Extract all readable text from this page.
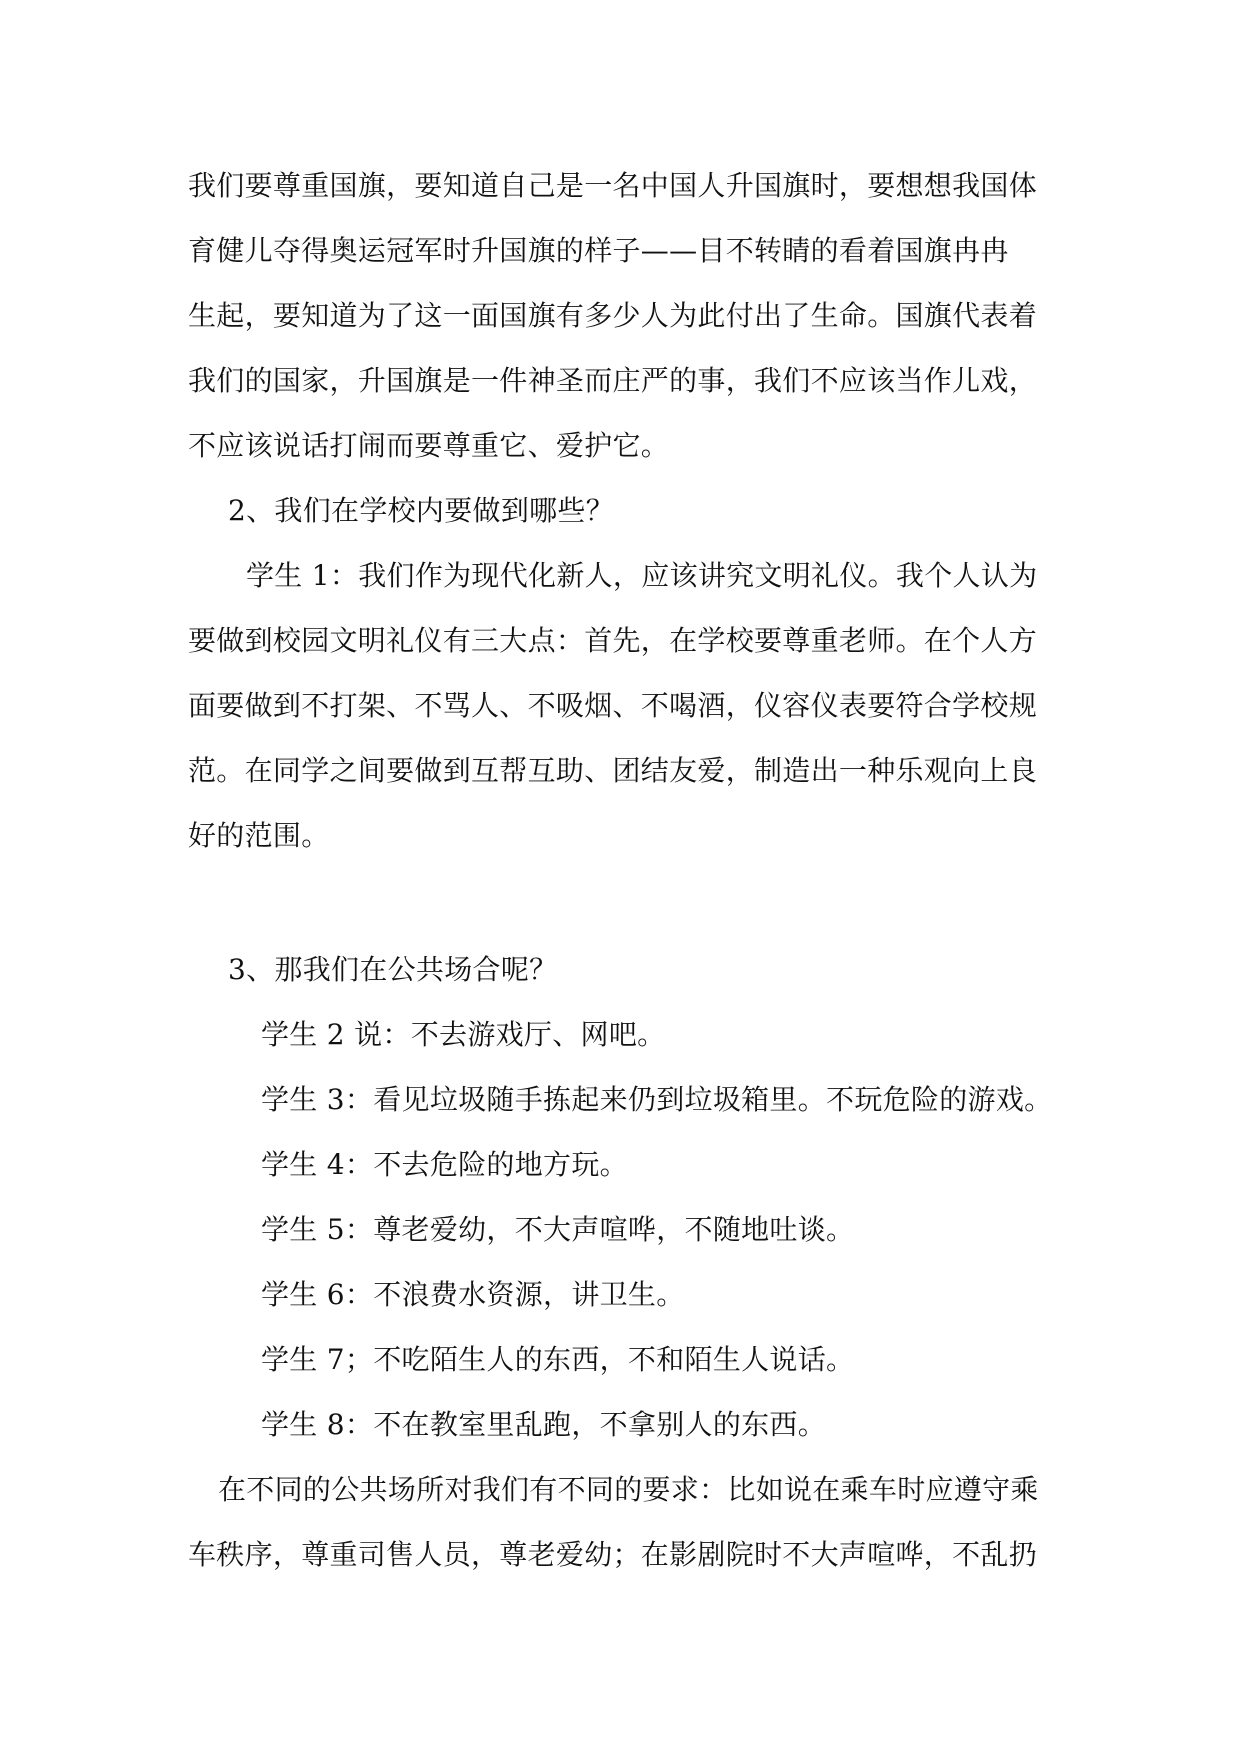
我们要尊重国旗，要知道自己是一名中国人升国旗时，要想想我国体
育健儿夺得奥运冠军时升国旗的样子——目不转睛的看着国旗冉冉
生起，要知道为了这一面国旗有多少人为此付出了生命。国旗代表着
我们的国家，升国旗是一件神圣而庄严的事，我们不应该当作儿戏，
不应该说话打闹而要尊重它、爱护它。

2、我们在学校内要做到哪些？

学生 1：我们作为现代化新人，应该讲究文明礼仪。我个人认为
要做到校园文明礼仪有三大点：首先，在学校要尊重老师。在个人方
面要做到不打架、不骂人、不吸烟、不喝酒，仪容仪表要符合学校规
范。在同学之间要做到互帮互助、团结友爱，制造出一种乐观向上良
好的范围。

3、那我们在公共场合呢？

学生 2 说：不去游戏厅、网吧。
学生 3：看见垃圾随手拣起来仍到垃圾箱里。不玩危险的游戏。
学生 4：不去危险的地方玩。
学生 5：尊老爱幼，不大声喧哗，不随地吐谈。
学生 6：不浪费水资源，讲卫生。
学生 7；不吃陌生人的东西，不和陌生人说话。
学生 8：不在教室里乱跑，不拿别人的东西。

在不同的公共场所对我们有不同的要求：比如说在乘车时应遵守乘
车秩序，尊重司售人员，尊老爱幼；在影剧院时不大声喧哗，不乱扔
